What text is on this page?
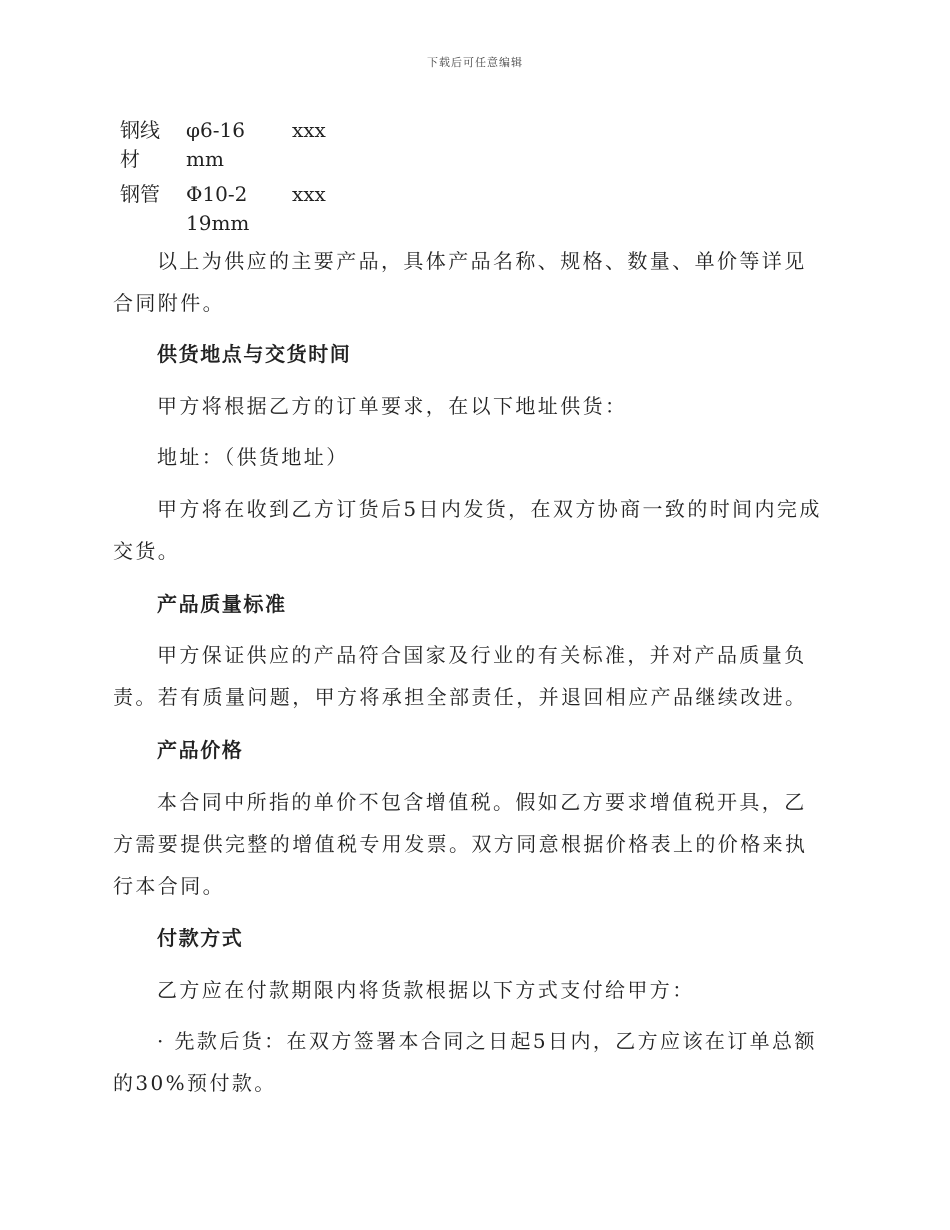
下载后可任意编辑
钢线材
φ6-16mm
xxx
钢管	Φ10-219mm
xxx

以上为供应的主要产品，具体产品名称、规格、数量、单价等详见合同附件。

供货地点与交货时间

甲方将根据乙方的订单要求，在以下地址供货：

地址：（供货地址）

甲方将在收到乙方订货后5日内发货，在双方协商一致的时间内完成交货。

产品质量标准

甲方保证供应的产品符合国家及行业的有关标准，并对产品质量负责。若有质量问题，甲方将承担全部责任，并退回相应产品继续改进。

产品价格

本合同中所指的单价不包含增值税。假如乙方要求增值税开具，乙方需要提供完整的增值税专用发票。双方同意根据价格表上的价格来执行本合同。

付款方式

乙方应在付款期限内将货款根据以下方式支付给甲方：

· 先款后货：在双方签署本合同之日起5日内，乙方应该在订单总额的30%预付款。
